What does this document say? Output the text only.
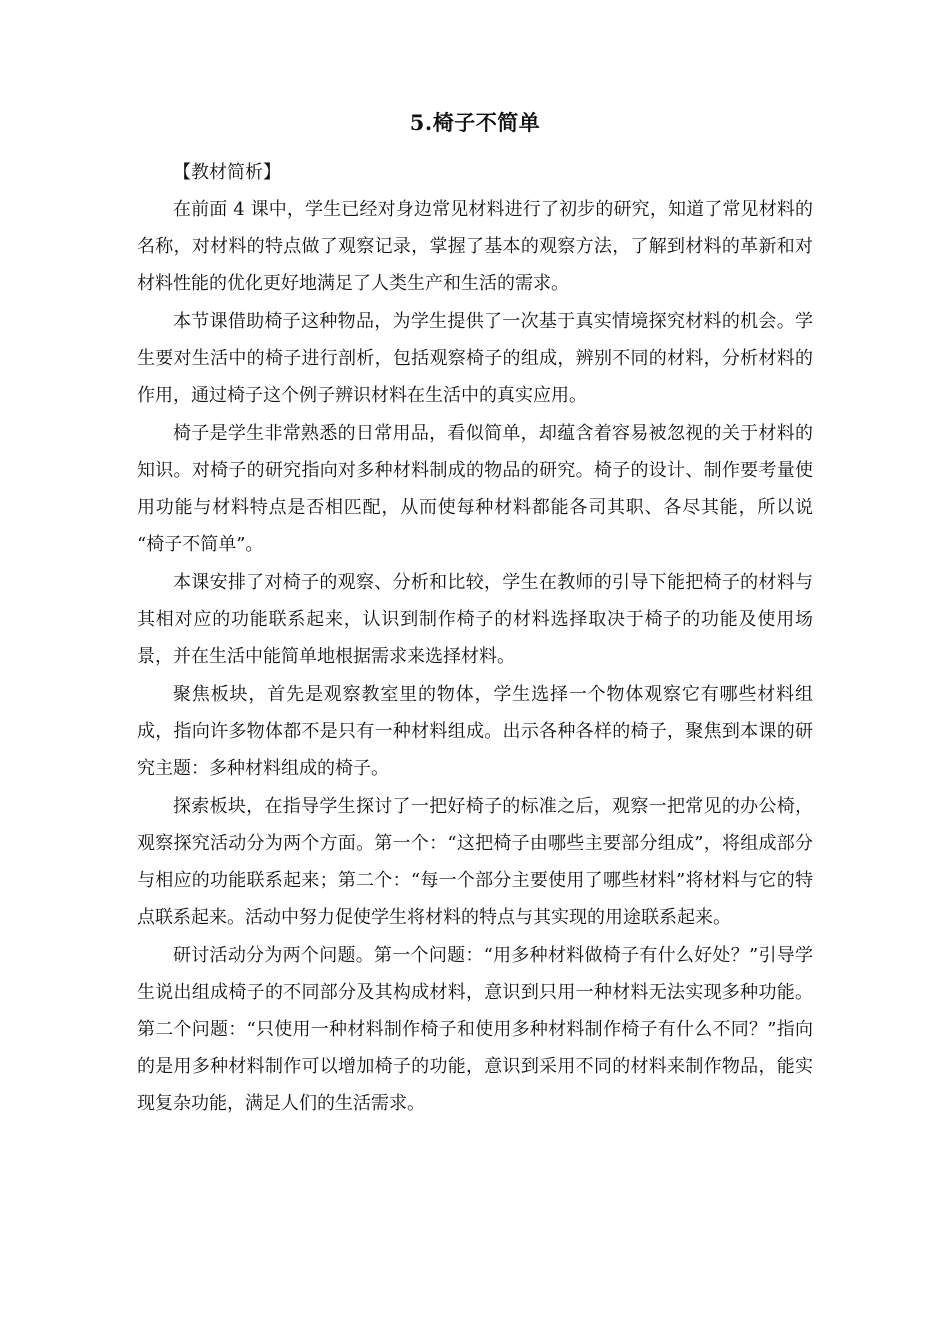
5.椅子不简单

【教材简析】

在前面 4 课中，学生已经对身边常见材料进行了初步的研究，知道了常见材料的名称，对材料的特点做了观察记录，掌握了基本的观察方法，了解到材料的革新和对材料性能的优化更好地满足了人类生产和生活的需求。

本节课借助椅子这种物品，为学生提供了一次基于真实情境探究材料的机会。学生要对生活中的椅子进行剖析，包括观察椅子的组成，辨别不同的材料，分析材料的作用，通过椅子这个例子辨识材料在生活中的真实应用。

椅子是学生非常熟悉的日常用品，看似简单，却蕴含着容易被忽视的关于材料的知识。对椅子的研究指向对多种材料制成的物品的研究。椅子的设计、制作要考量使用功能与材料特点是否相匹配，从而使每种材料都能各司其职、各尽其能，所以说 “椅子不简单”。

本课安排了对椅子的观察、分析和比较，学生在教师的引导下能把椅子的材料与其相对应的功能联系起来，认识到制作椅子的材料选择取决于椅子的功能及使用场景，并在生活中能简单地根据需求来选择材料。

聚焦板块，首先是观察教室里的物体，学生选择一个物体观察它有哪些材料组成，指向许多物体都不是只有一种材料组成。出示各种各样的椅子，聚焦到本课的研究主题：多种材料组成的椅子。

探索板块，在指导学生探讨了一把好椅子的标准之后，观察一把常见的办公椅，观察探究活动分为两个方面。第一个：“这把椅子由哪些主要部分组成”，将组成部分与相应的功能联系起来；第二个：“每一个部分主要使用了哪些材料”将材料与它的特点联系起来。活动中努力促使学生将材料的特点与其实现的用途联系起来。

研讨活动分为两个问题。第一个问题：“用多种材料做椅子有什么好处？”引导学生说出组成椅子的不同部分及其构成材料，意识到只用一种材料无法实现多种功能。第二个问题：“只使用一种材料制作椅子和使用多种材料制作椅子有什么不同？”指向的是用多种材料制作可以增加椅子的功能，意识到采用不同的材料来制作物品，能实现复杂功能，满足人们的生活需求。
